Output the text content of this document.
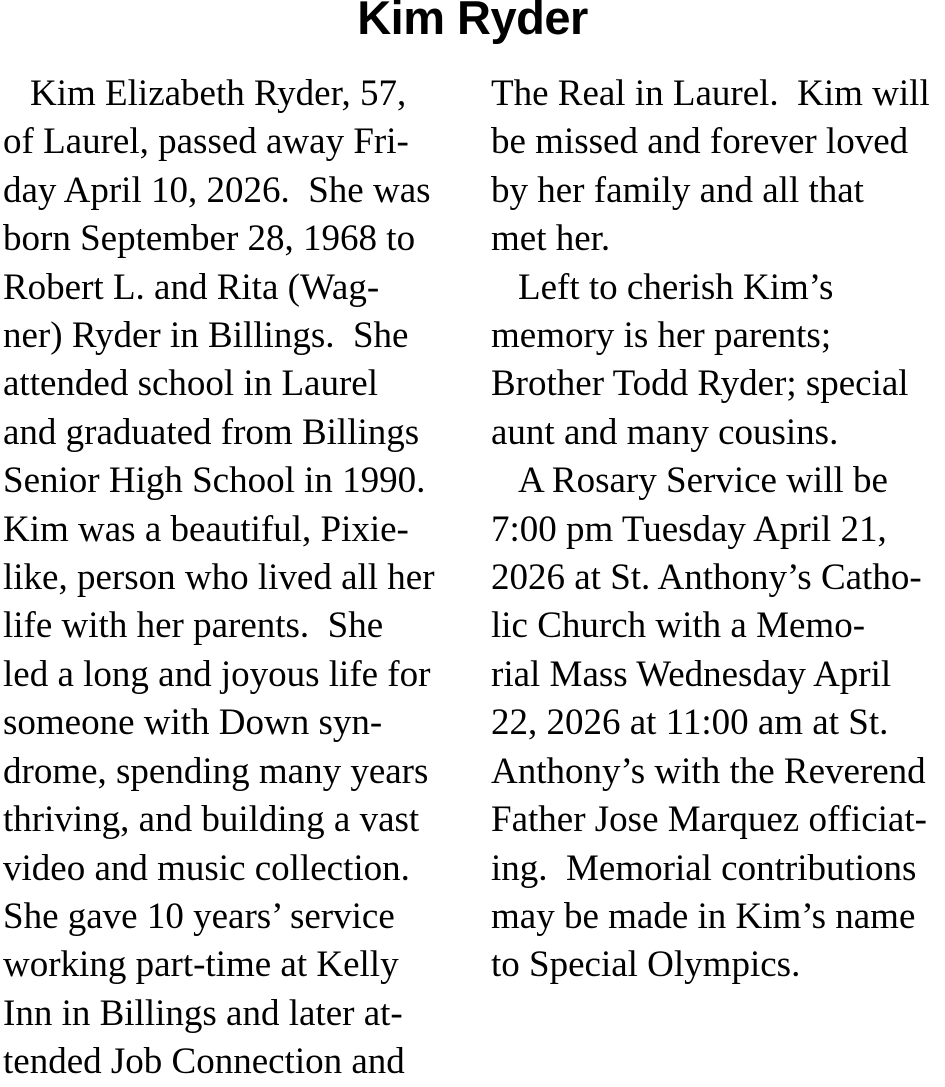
Kim Ryder
Kim Elizabeth Ryder, 57,
of Laurel, passed away Fri-
day April 10, 2026.  She was
born September 28, 1968 to
Robert L. and Rita (Wag-
ner) Ryder in Billings.  She
attended school in Laurel
and graduated from Billings
Senior High School in 1990.
Kim was a beautiful, Pixie-
like, person who lived all her
life with her parents.  She
led a long and joyous life for
someone with Down syn-
drome, spending many years
thriving, and building a vast
video and music collection.
She gave 10 years’ service
working part-time at Kelly
Inn in Billings and later at-
tended Job Connection and
The Real in Laurel.  Kim will
be missed and forever loved
by her family and all that
met her.
Left to cherish Kim’s
memory is her parents;
Brother Todd Ryder; special
aunt and many cousins.
A Rosary Service will be
7:00 pm Tuesday April 21,
2026 at St. Anthony’s Catho-
lic Church with a Memo-
rial Mass Wednesday April
22, 2026 at 11:00 am at St.
Anthony’s with the Reverend
Father Jose Marquez officiat-
ing.  Memorial contributions
may be made in Kim’s name
to Special Olympics.
